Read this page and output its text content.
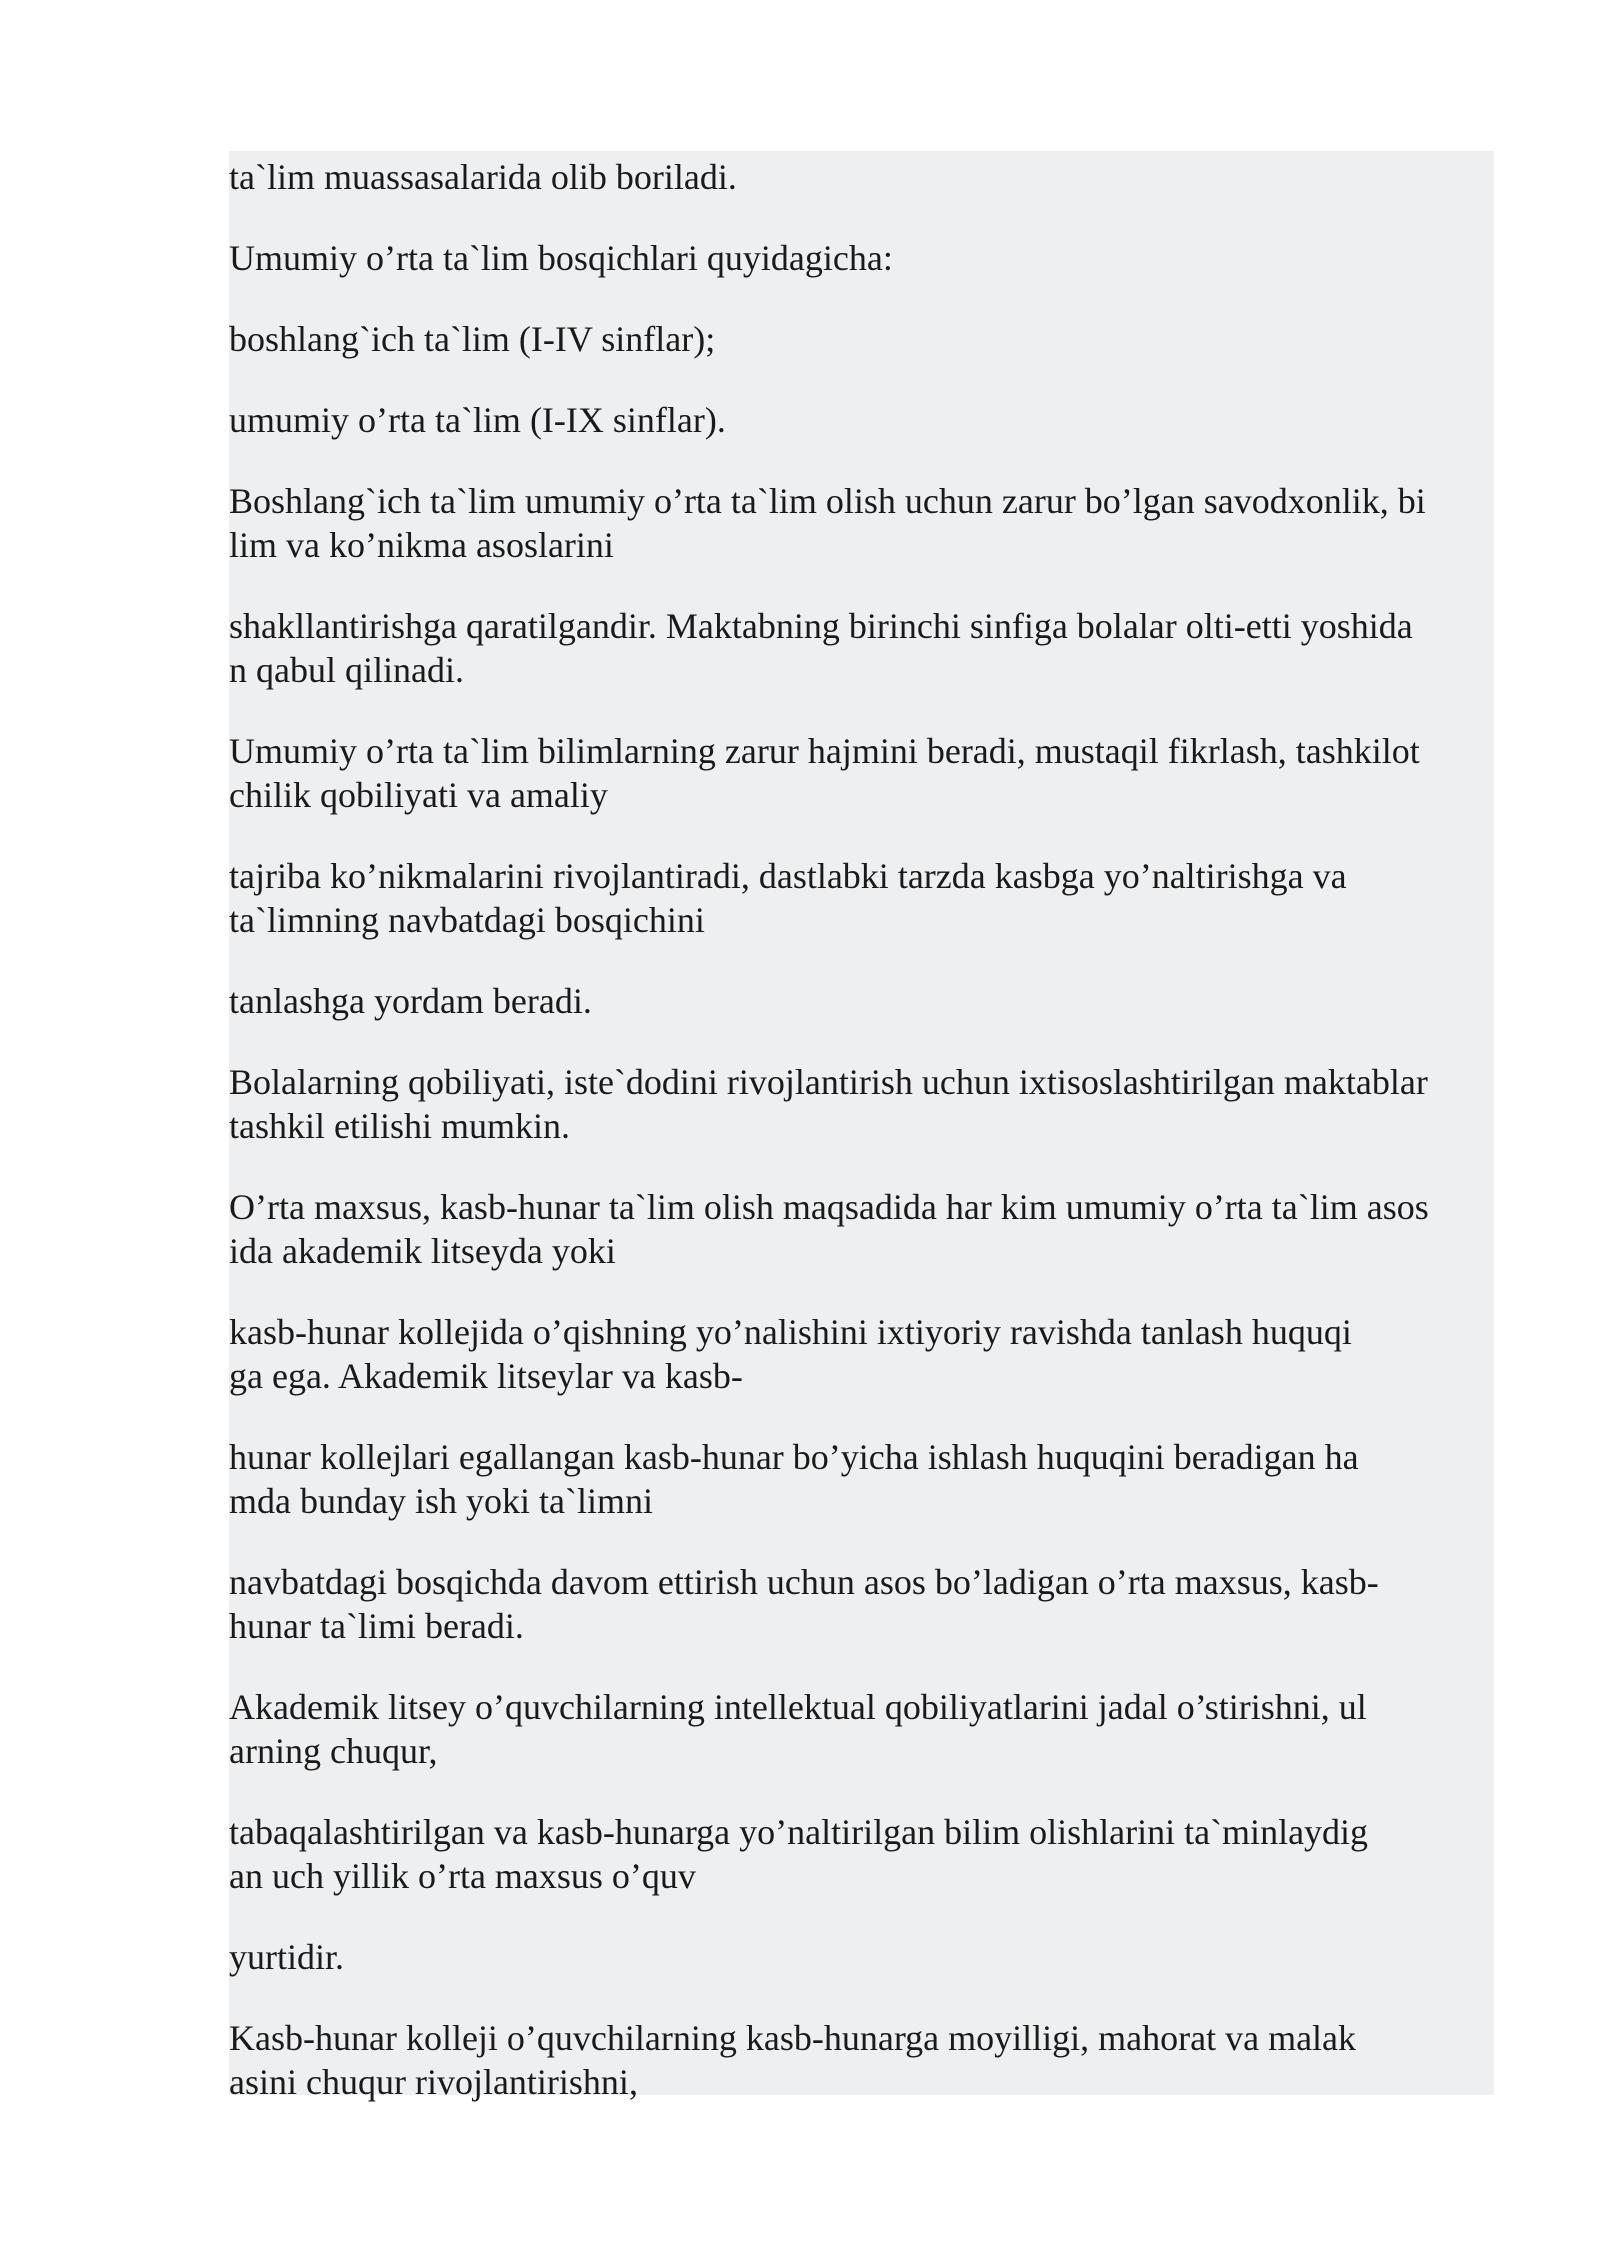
ta`lim muassasalarida olib boriladi.

Umumiy o’rta ta`lim bosqichlari quyidagicha:

boshlang`ich ta`lim (I-IV sinflar);

umumiy o’rta ta`lim (I-IX sinflar).

Boshlang`ich ta`lim umumiy o’rta ta`lim olish uchun zarur bo’lgan savodxonlik, bi
lim va ko’nikma asoslarini

shakllantirishga qaratilgandir. Maktabning birinchi sinfiga bolalar olti-etti yoshida
n qabul qilinadi.

Umumiy o’rta ta`lim bilimlarning zarur hajmini beradi, mustaqil fikrlash, tashkilot
chilik qobiliyati va amaliy

tajriba ko’nikmalarini rivojlantiradi, dastlabki tarzda kasbga yo’naltirishga va
ta`limning navbatdagi bosqichini

tanlashga yordam beradi.

Bolalarning qobiliyati, iste`dodini rivojlantirish uchun ixtisoslashtirilgan maktablar
tashkil etilishi mumkin.

O’rta maxsus, kasb-hunar ta`lim olish maqsadida har kim umumiy o’rta ta`lim asos
ida akademik litseyda yoki

kasb-hunar kollejida o’qishning yo’nalishini ixtiyoriy ravishda tanlash huquqi
ga ega. Akademik litseylar va kasb-

hunar kollejlari egallangan kasb-hunar bo’yicha ishlash huquqini beradigan ha
mda bunday ish yoki ta`limni

navbatdagi bosqichda davom ettirish uchun asos bo’ladigan o’rta maxsus, kasb-
hunar ta`limi beradi.

Akademik litsey o’quvchilarning intellektual qobiliyatlarini jadal o’stirishni, ul
arning chuqur,

tabaqalashtirilgan va kasb-hunarga yo’naltirilgan bilim olishlarini ta`minlaydig
an uch yillik o’rta maxsus o’quv

yurtidir.

Kasb-hunar kolleji o’quvchilarning kasb-hunarga moyilligi, mahorat va malak
asini chuqur rivojlantirishni,
